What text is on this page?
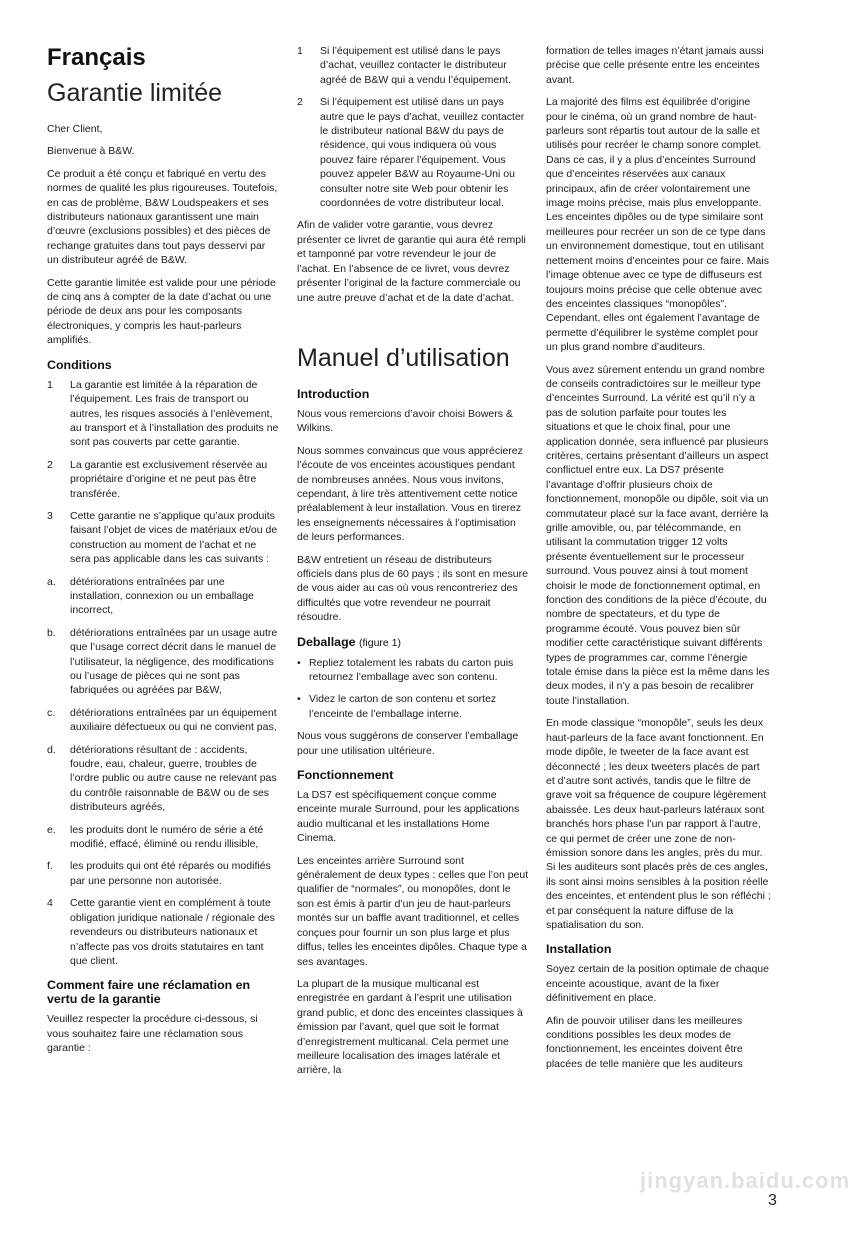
Français
Garantie limitée

Cher Client,

Bienvenue à B&W.

Ce produit a été conçu et fabriqué en vertu des normes de qualité les plus rigoureuses. Toutefois, en cas de problème, B&W Loudspeakers et ses distributeurs nationaux garantissent une main d’œuvre (exclusions possibles) et des pièces de rechange gratuites dans tout pays desservi par un distributeur agréé de B&W.

Cette garantie limitée est valide pour une période de cinq ans à compter de la date d’achat ou une période de deux ans pour les composants électroniques, y compris les haut-parleurs amplifiés.

Conditions
1	La garantie est limitée à la réparation de l’équipement. Les frais de transport ou autres, les risques associés à l’enlèvement, au transport et à l’installation des produits ne sont pas couverts par cette garantie.
2	La garantie est exclusivement réservée au propriétaire d’origine et ne peut pas être transférée.
3	Cette garantie ne s’applique qu’aux produits faisant l’objet de vices de matériaux et/ou de construction au moment de l’achat et ne sera pas applicable dans les cas suivants :
a.	détériorations entraînées par une installation, connexion ou un emballage incorrect,
b.	détériorations entraînées par un usage autre que l’usage correct décrit dans le manuel de l’utilisateur, la négligence, des modifications ou l’usage de pièces qui ne sont pas fabriquées ou agréées par B&W,
c.	détériorations entraînées par un équipement auxiliaire défectueux ou qui ne convient pas,
d.	détériorations résultant de : accidents, foudre, eau, chaleur, guerre, troubles de l’ordre public ou autre cause ne relevant pas du contrôle raisonnable de B&W ou de ses distributeurs agréés,
e.	les produits dont le numéro de série a été modifié, effacé, éliminé ou rendu illisible,
f.	les produits qui ont été réparés ou modifiés par une personne non autorisée.
4	Cette garantie vient en complément à toute obligation juridique nationale / régionale des revendeurs ou distributeurs nationaux et n’affecte pas vos droits statutaires en tant que client.
Comment faire une réclamation en vertu de la garantie

Veuillez respecter la procédure ci-dessous, si vous souhaitez faire une réclamation sous garantie :

1	Si l’équipement est utilisé dans le pays d’achat, veuillez contacter le distributeur agréé de B&W qui a vendu l’équipement.
2	Si l’équipement est utilisé dans un pays autre que le pays d’achat, veuillez contacter le distributeur national B&W du pays de résidence, qui vous indiquera où vous pouvez faire réparer l’équipement. Vous pouvez appeler B&W au Royaume-Uni ou consulter notre site Web pour obtenir les coordonnées de votre distributeur local.

Afin de valider votre garantie, vous devrez présenter ce livret de garantie qui aura été rempli et tamponné par votre revendeur le jour de l’achat. En l’absence de ce livret, vous devrez présenter l’original de la facture commerciale ou une autre preuve d’achat et de la date d’achat.

Manuel d’utilisation
Introduction

Nous vous remercions d’avoir choisi Bowers & Wilkins.

Nous sommes convaincus que vous apprécierez l’écoute de vos enceintes acoustiques pendant de nombreuses années. Nous vous invitons, cependant, à lire très attentivement cette notice préalablement à leur installation. Vous en tirerez les enseignements nécessaires à l’optimisation de leurs performances.

B&W entretient un réseau de distributeurs officiels dans plus de 60 pays ; ils sont en mesure de vous aider au cas où vous rencontreriez des difficultés que votre revendeur ne pourrait résoudre.

Deballage (figure 1)
• Repliez totalement les rabats du carton puis retournez l’emballage avec son contenu.
• Videz le carton de son contenu et sortez l’enceinte de l’emballage interne.

Nous vous suggérons de conserver l’emballage pour une utilisation ultérieure.

Fonctionnement

La DS7 est spécifiquement conçue comme enceinte murale Surround, pour les applications audio multicanal et les installations Home Cinema.

Les enceintes arrière Surround sont généralement de deux types : celles que l’on peut qualifier de “normales”, ou monopôles, dont le son est émis à partir d’un jeu de haut-parleurs montés sur un baffle avant traditionnel, et celles conçues pour fournir un son plus large et plus diffus, telles les enceintes dipôles. Chaque type a ses avantages.

La plupart de la musique multicanal est enregistrée en gardant à l’esprit une utilisation grand public, et donc des enceintes classiques à émission par l’avant, quel que soit le format d’enregistrement multicanal. Cela permet une meilleure localisation des images latérale et arrière, la

formation de telles images n’étant jamais aussi précise que celle présente entre les enceintes avant.

La majorité des films est équilibrée d’origine pour le cinéma, où un grand nombre de haut-parleurs sont répartis tout autour de la salle et utilisés pour recréer le champ sonore complet. Dans ce cas, il y a plus d’enceintes Surround que d’enceintes réservées aux canaux principaux, afin de créer volontairement une image moins précise, mais plus enveloppante. Les enceintes dipôles ou de type similaire sont meilleures pour recréer un son de ce type dans un environnement domestique, tout en utilisant nettement moins d’enceintes pour ce faire. Mais l’image obtenue avec ce type de diffuseurs est toujours moins précise que celle obtenue avec des enceintes classiques “monopôles”. Cependant, elles ont également l’avantage de permette d’équilibrer le système complet pour un plus grand nombre d’auditeurs.

Vous avez sûrement entendu un grand nombre de conseils contradictoires sur le meilleur type d’enceintes Surround. La vérité est qu’il n’y a pas de solution parfaite pour toutes les situations et que le choix final, pour une application donnée, sera influencé par plusieurs critères, certains présentant d’ailleurs un aspect conflictuel entre eux. La DS7 présente l’avantage d’offrir plusieurs choix de fonctionnement, monopôle ou dipôle, soit via un commutateur placé sur la face avant, derrière la grille amovible, ou, par télécommande, en utilisant la commutation trigger 12 volts présente éventuellement sur le processeur surround. Vous pouvez ainsi à tout moment choisir le mode de fonctionnement optimal, en fonction des conditions de la pièce d’écoute, du nombre de spectateurs, et du type de programme écouté. Vous pouvez bien sûr modifier cette caractéristique suivant différents types de programmes car, comme l’énergie totale émise dans la pièce est la même dans les deux modes, il n’y a pas besoin de recalibrer toute l’installation.

En mode classique “monopôle”, seuls les deux haut-parleurs de la face avant fonctionnent. En mode dipôle, le tweeter de la face avant est déconnecté ; les deux tweeters placés de part et d’autre sont activés, tandis que le filtre de grave voit sa fréquence de coupure légèrement abaissée. Les deux haut-parleurs latéraux sont branchés hors phase l’un par rapport à l’autre, ce qui permet de créer une zone de non-émission sonore dans les angles, près du mur. Si les auditeurs sont placés près de ces angles, ils sont ainsi moins sensibles à la position réelle des enceintes, et entendent plus le son réfléchi ; et par conséquent la nature diffuse de la spatialisation du son.

Installation

Soyez certain de la position optimale de chaque enceinte acoustique, avant de la fixer définitivement en place.

Afin de pouvoir utiliser dans les meilleures conditions possibles les deux modes de fonctionnement, les enceintes doivent être placées de telle manière que les auditeurs

jingyan.baidu.com
3
